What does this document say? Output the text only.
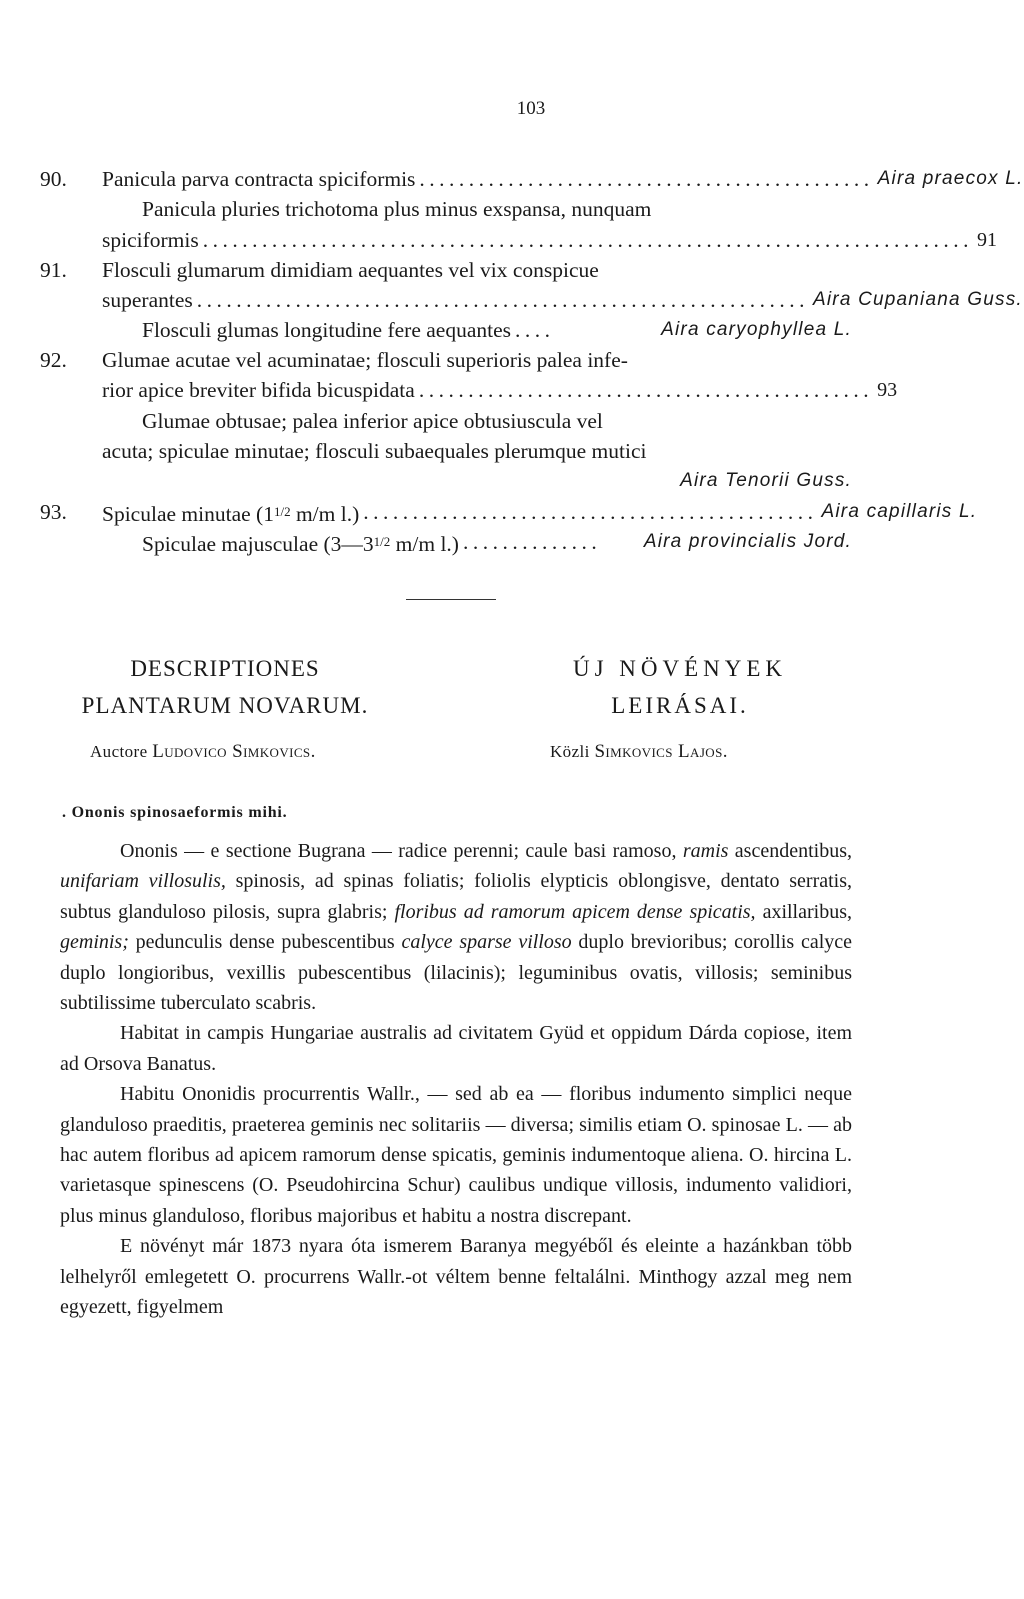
103
90. Panicula parva contracta spiciformis .............................................. Aira praecox L.
Panicula pluries trichotoma plus minus exspansa, nunquam
spiciformis .............................................................................. 91
91. Flosculi glumarum dimidiam aequantes vel vix conspicue
superantes .............................................................. Aira Cupaniana Guss.
Flosculi glumas longitudine fere aequantes ....	Aira caryophyllea L.
92. Glumae acutae vel acuminatae; flosculi superioris palea infe-
rior apice breviter bifida bicuspidata .............................................. 93
Glumae obtusae; palea inferior apice obtusiuscula vel
acuta; spiculae minutae; flosculi subaequales plerumque mutici
Aira Tenorii Guss.
93. Spiculae minutae ($1^{1/2}$ m/m l.) .............................................. Aira capillaris L.
Spiculae majusculae ($3—3^{1/2}$ m/m l.) ..............	Aira provincialis Jord.
DESCRIPTIONES
PLANTARUM NOVARUM.
Auctore Ludovico Simkovics.
ÚJ NÖVÉNYEK
LEIRÁSAI.
Közli Simkovics Lajos.
. Ononis spinosaeformis mihi.

Ononis — e sectione Bugrana — radice perenni; caule basi ramoso, ramis ascendentibus, unifariam villosulis, spinosis, ad spinas foliatis; foliolis elypticis oblongisve, dentato serratis, subtus glanduloso pilosis, supra glabris; floribus ad ramorum apicem dense spicatis, axillaribus, geminis; pedunculis dense pubescentibus calyce sparse villoso duplo brevioribus; corollis calyce duplo longioribus, vexillis pubescentibus (lilacinis); leguminibus ovatis, villosis; seminibus subtilissime tuberculato scabris.

Habitat in campis Hungariae australis ad civitatem Gyüd et oppidum Dárda copiose, item ad Orsova Banatus.

Habitu Ononidis procurrentis Wallr., — sed ab ea — floribus indumento simplici neque glanduloso praeditis, praeterea geminis nec solitariis — diversa; similis etiam O. spinosae L. — ab hac autem floribus ad apicem ramorum dense spicatis, geminis indumentoque aliena. O. hircina L. varietasque spinescens (O. Pseudohircina Schur) caulibus undique villosis, indumento validiori, plus minus glanduloso, floribus majoribus et habitu a nostra discrepant.

E növényt már 1873 nyara óta ismerem Baranya megyéből és eleinte a hazánkban több lelhelyről emlegetett O. procurrens Wallr.-ot véltem benne feltalálni. Minthogy azzal meg nem egyezett, figyelmem
